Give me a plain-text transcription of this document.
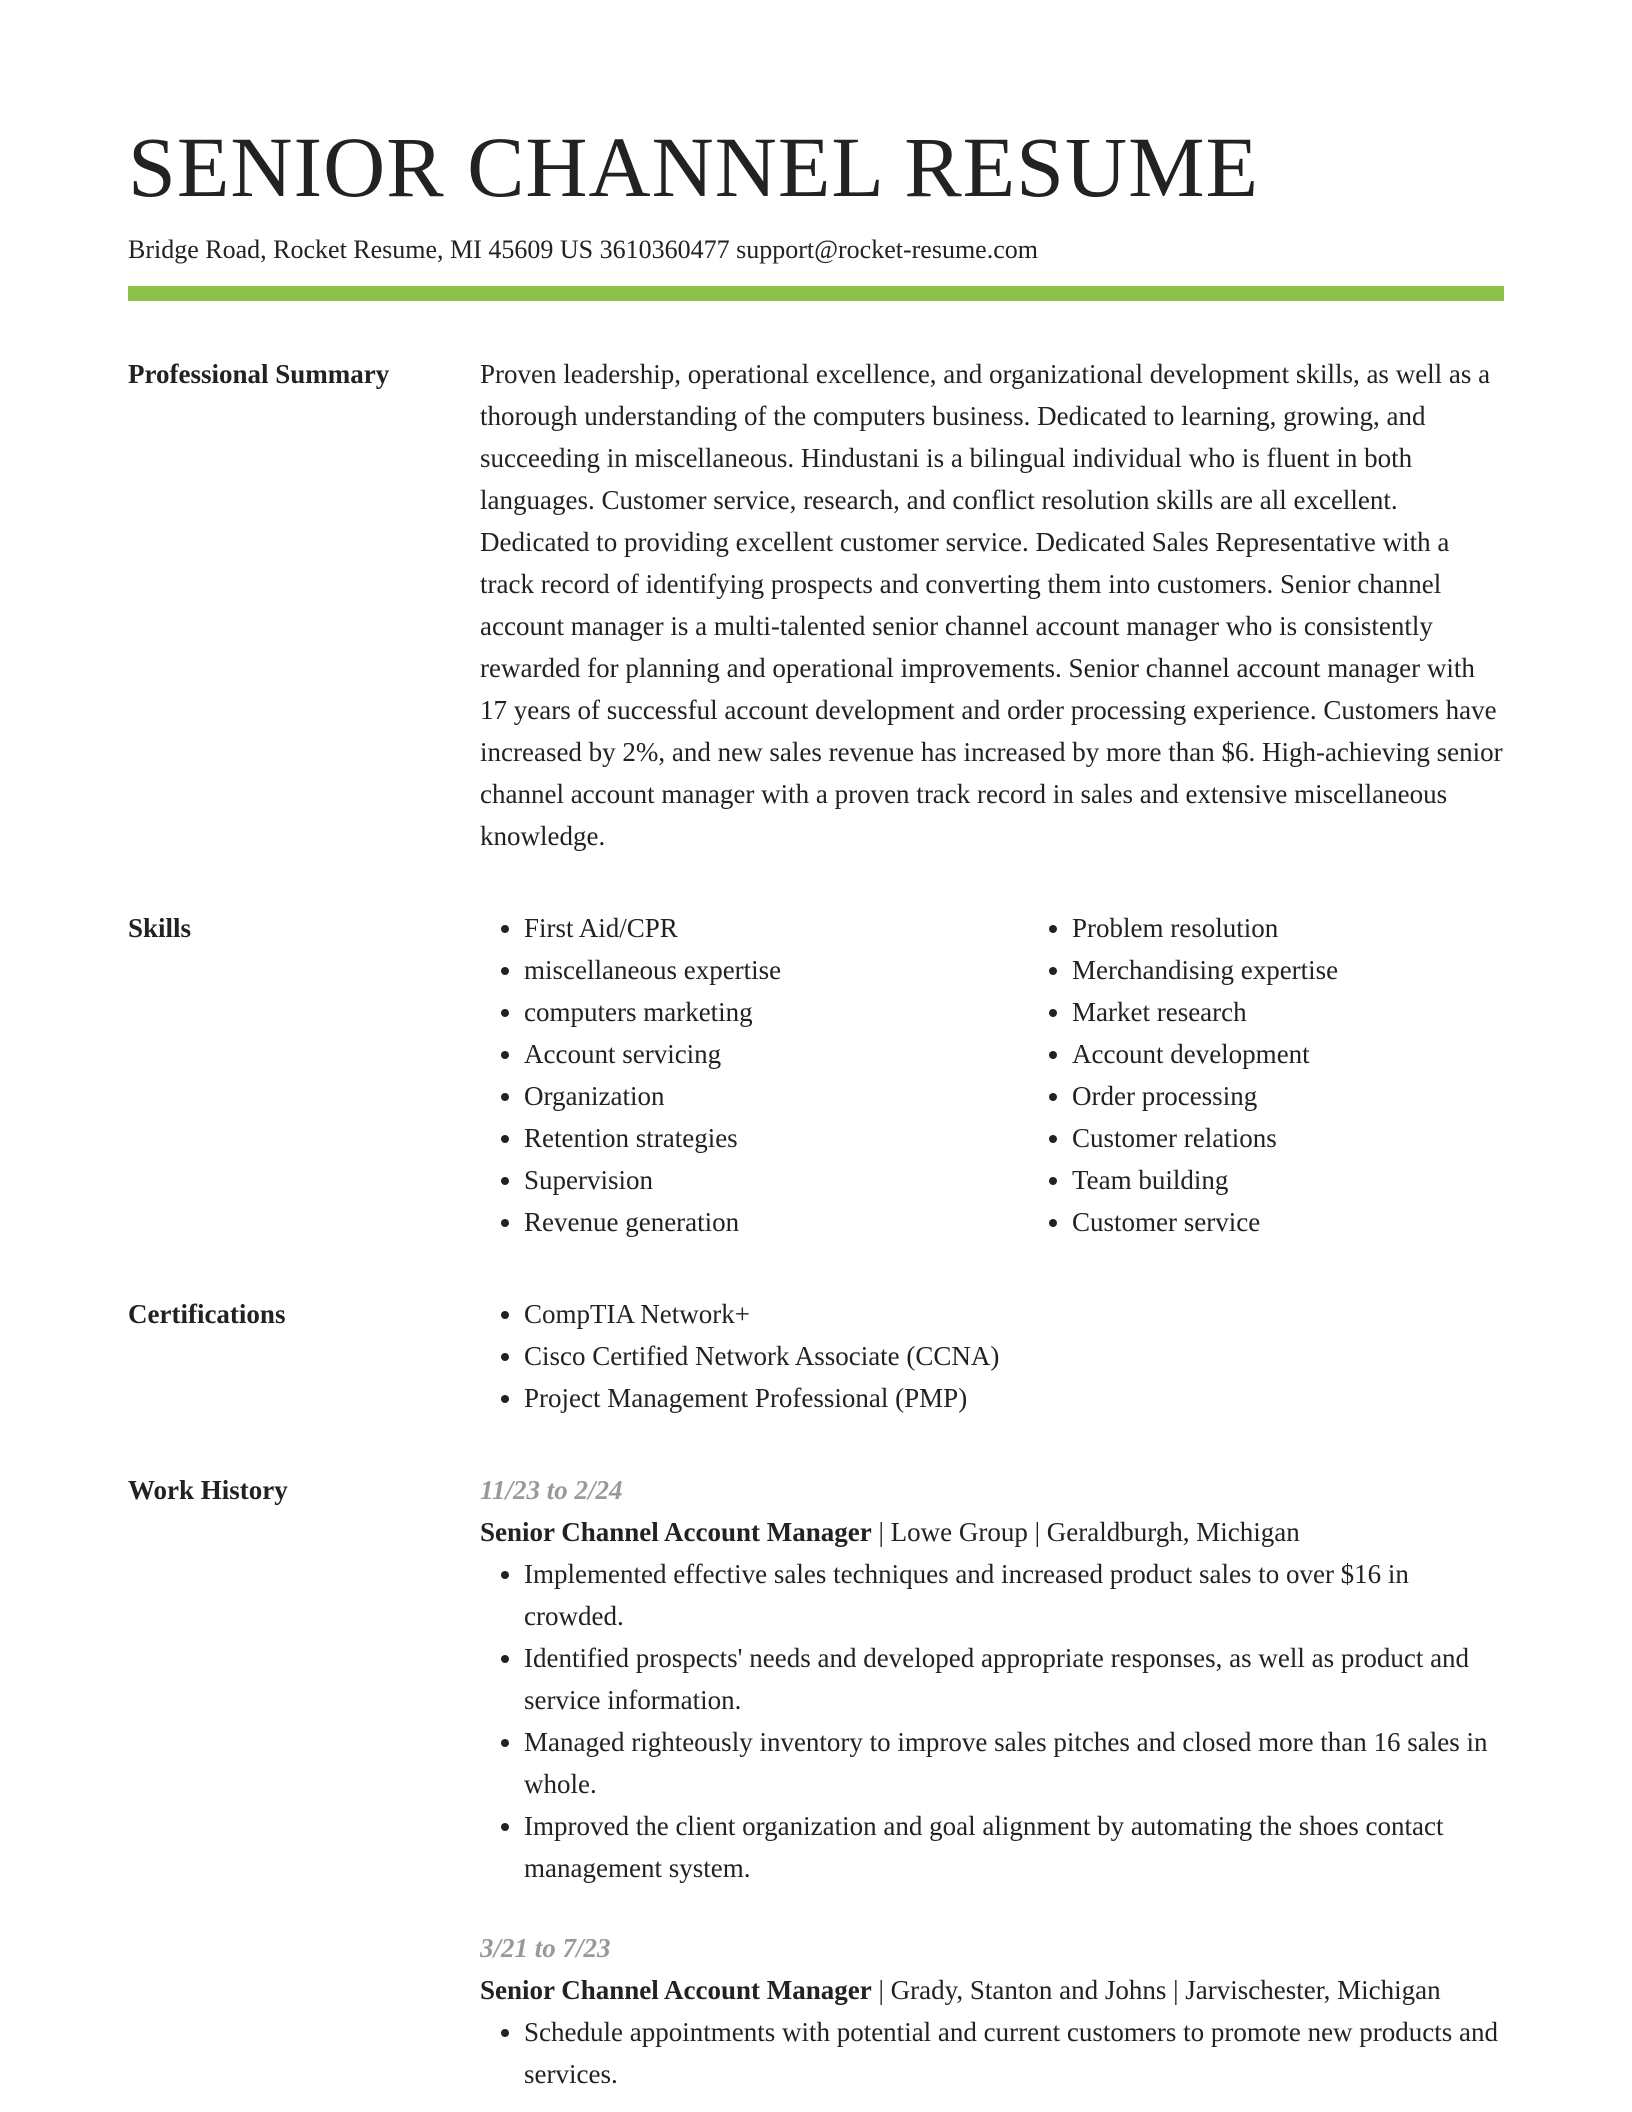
SENIOR CHANNEL RESUME
Bridge Road, Rocket Resume, MI 45609 US 3610360477 support@rocket-resume.com
Professional Summary	Proven leadership, operational excellence, and organizational development skills, as well as a thorough understanding of the computers business. Dedicated to learning, growing, and succeeding in miscellaneous. Hindustani is a bilingual individual who is fluent in both languages. Customer service, research, and conflict resolution skills are all excellent. Dedicated to providing excellent customer service. Dedicated Sales Representative with a track record of identifying prospects and converting them into customers. Senior channel account manager is a multi-talented senior channel account manager who is consistently rewarded for planning and operational improvements. Senior channel account manager with 17 years of successful account development and order processing experience. Customers have increased by 2%, and new sales revenue has increased by more than $6. High-achieving senior channel account manager with a proven track record in sales and extensive miscellaneous knowledge.

Skills	• First Aid/CPR
• miscellaneous expertise
• computers marketing
• Account servicing
• Organization
• Retention strategies
• Supervision
• Revenue generation
• Problem resolution
• Merchandising expertise
• Market research
• Account development
• Order processing
• Customer relations
• Team building
• Customer service
Certifications	• CompTIA Network+
• Cisco Certified Network Associate (CCNA)
• Project Management Professional (PMP)
Work History	11/23 to 2/24
Senior Channel Account Manager | Lowe Group | Geraldburgh, Michigan
• Implemented effective sales techniques and increased product sales to over $16 in crowded.
• Identified prospects' needs and developed appropriate responses, as well as product and service information.
• Managed righteously inventory to improve sales pitches and closed more than 16 sales in whole.
• Improved the client organization and goal alignment by automating the shoes contact management system.
3/21 to 7/23
Senior Channel Account Manager | Grady, Stanton and Johns | Jarvischester, Michigan
• Schedule appointments with potential and current customers to promote new products and services.
